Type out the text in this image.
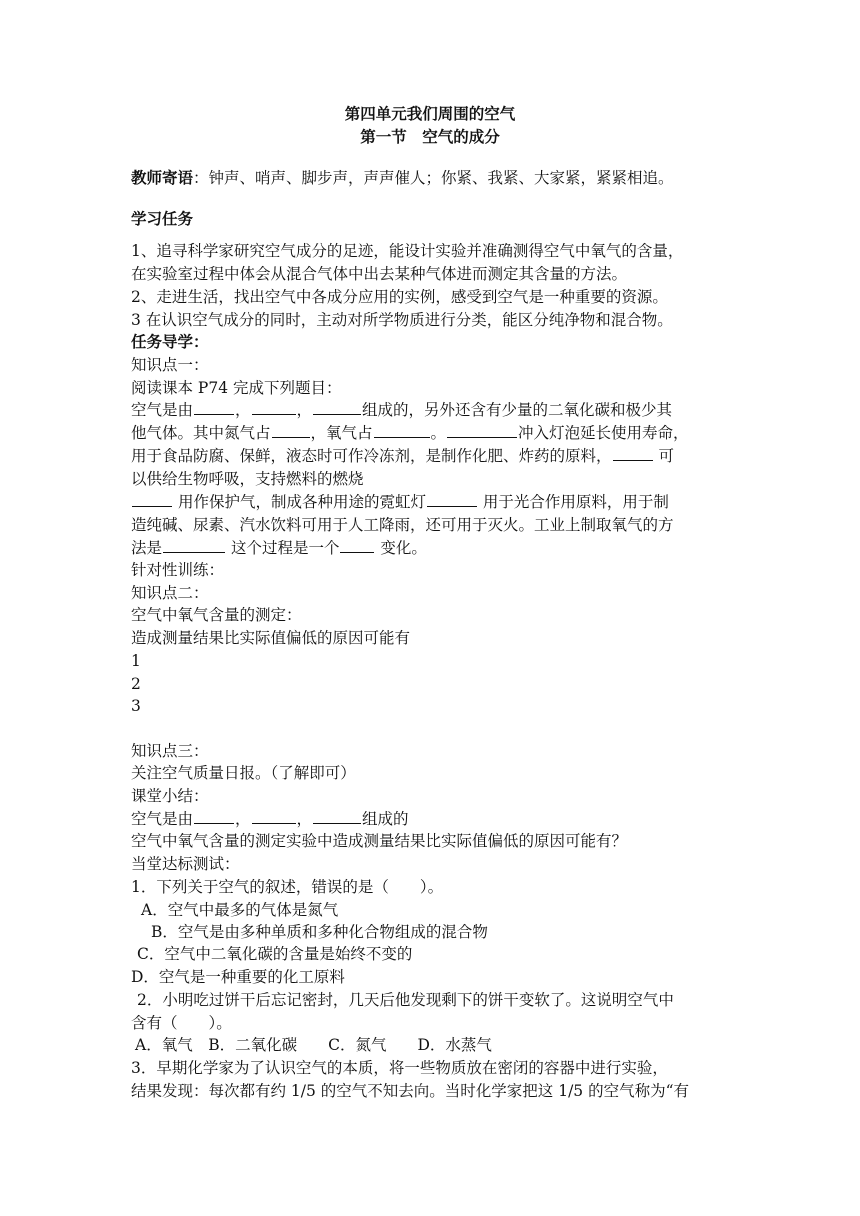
第四单元我们周围的空气
第一节　空气的成分
教师寄语：钟声、哨声、脚步声，声声催人；你紧、我紧、大家紧，紧紧相追。
学习任务
1、追寻科学家研究空气成分的足迹，能设计实验并准确测得空气中氧气的含量，
在实验室过程中体会从混合气体中出去某种气体进而测定其含量的方法。
2、走进生活，找出空气中各成分应用的实例，感受到空气是一种重要的资源。
3 在认识空气成分的同时，主动对所学物质进行分类，能区分纯净物和混合物。
任务导学：
知识点一：
阅读课本 P74 完成下列题目：
空气是由	，	，	组成的，另外还含有少量的二氧化碳和极少其
他气体。其中氮气占	，氧气占	。	冲入灯泡延长使用寿命，
用于食品防腐、保鲜，液态时可作冷冻剂，是制作化肥、炸药的原料，	可
以供给生物呼吸，支持燃料的燃烧
用作保护气，制成各种用途的霓虹灯	用于光合作用原料，用于制
造纯碱、尿素、汽水饮料可用于人工降雨，还可用于灭火。工业上制取氧气的方
法是	这个过程是一个	变化。
针对性训练：
知识点二：
空气中氧气含量的测定：
造成测量结果比实际值偏低的原因可能有
1
2
3
知识点三：
关注空气质量日报。（了解即可）
课堂小结：
空气是由	，	，	组成的
空气中氧气含量的测定实验中造成测量结果比实际值偏低的原因可能有？
当堂达标测试：
1．下列关于空气的叙述，错误的是（　　）。
A．空气中最多的气体是氮气
B．空气是由多种单质和多种化合物组成的混合物
C．空气中二氧化碳的含量是始终不变的
D．空气是一种重要的化工原料
2．小明吃过饼干后忘记密封，几天后他发现剩下的饼干变软了。这说明空气中
含有（　　）。
A．氧气　B．二氧化碳　　C．氮气　　D．水蒸气
3．早期化学家为了认识空气的本质，将一些物质放在密闭的容器中进行实验，
结果发现：每次都有约 1/5 的空气不知去向。当时化学家把这 1/5 的空气称为“有
